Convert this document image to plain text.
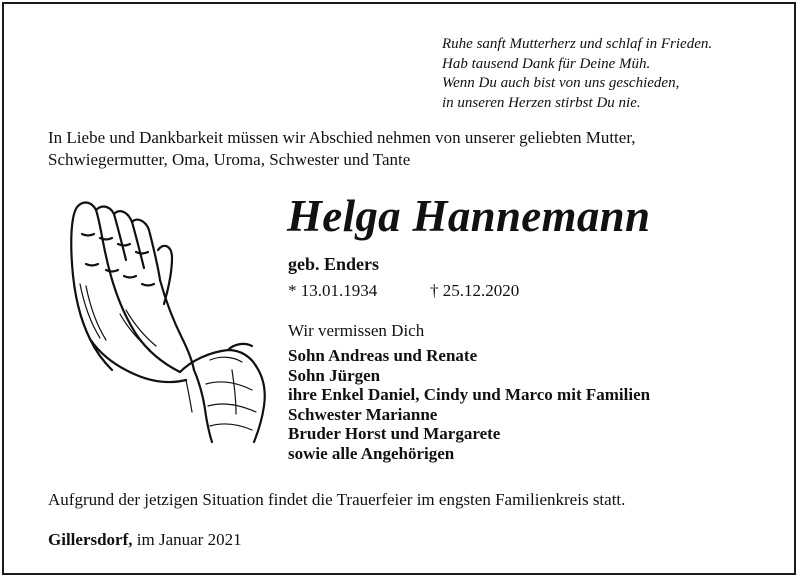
Ruhe sanft Mutterherz und schlaf in Frieden.
Hab tausend Dank für Deine Müh.
Wenn Du auch bist von uns geschieden,
in unseren Herzen stirbst Du nie.
In Liebe und Dankbarkeit müssen wir Abschied nehmen von unserer geliebten Mutter,
Schwiegermutter, Oma, Uroma, Schwester und Tante
Helga Hannemann
geb. Enders
* 13.01.1934	† 25.12.2020
Wir vermissen Dich
Sohn Andreas und Renate
Sohn Jürgen
ihre Enkel Daniel, Cindy und Marco mit Familien
Schwester Marianne
Bruder Horst und Margarete
sowie alle Angehörigen
Aufgrund der jetzigen Situation findet die Trauerfeier im engsten Familienkreis statt.
Gillersdorf, im Januar 2021
